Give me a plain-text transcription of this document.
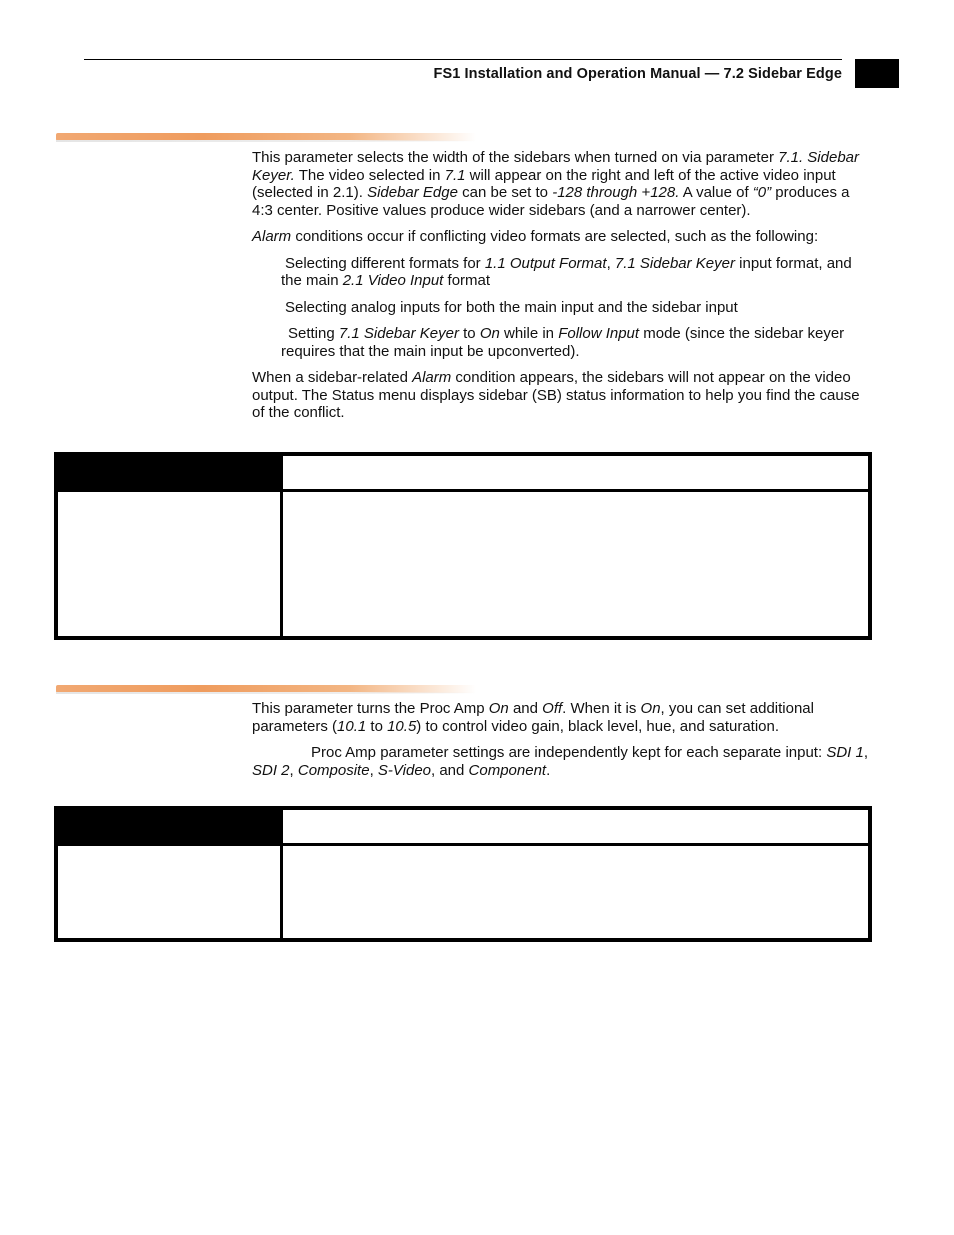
FS1 Installation and Operation Manual — 7.2 Sidebar Edge

This parameter selects the width of the sidebars when turned on via parameter 7.1. Sidebar Keyer. The video selected in 7.1 will appear on the right and left of the active video input (selected in 2.1). Sidebar Edge can be set to -128 through +128. A value of “0” produces a 4:3 center. Positive values produce wider sidebars (and a narrower center).

Alarm conditions occur if conflicting video formats are selected, such as the following:

Selecting different formats for 1.1 Output Format, 7.1 Sidebar Keyer input format, and the main 2.1 Video Input format

Selecting analog inputs for both the main input and the sidebar input

Setting 7.1 Sidebar Keyer to On while in Follow Input mode (since the sidebar keyer requires that the main input be upconverted).

When a sidebar-related Alarm condition appears, the sidebars will not appear on the video output. The Status menu displays sidebar (SB) status information to help you find the cause of the conflict.

This parameter turns the Proc Amp On and Off. When it is On, you can set additional parameters (10.1 to 10.5) to control video gain, black level, hue, and saturation.

Proc Amp parameter settings are independently kept for each separate input: SDI 1, SDI 2, Composite, S-Video, and Component.
